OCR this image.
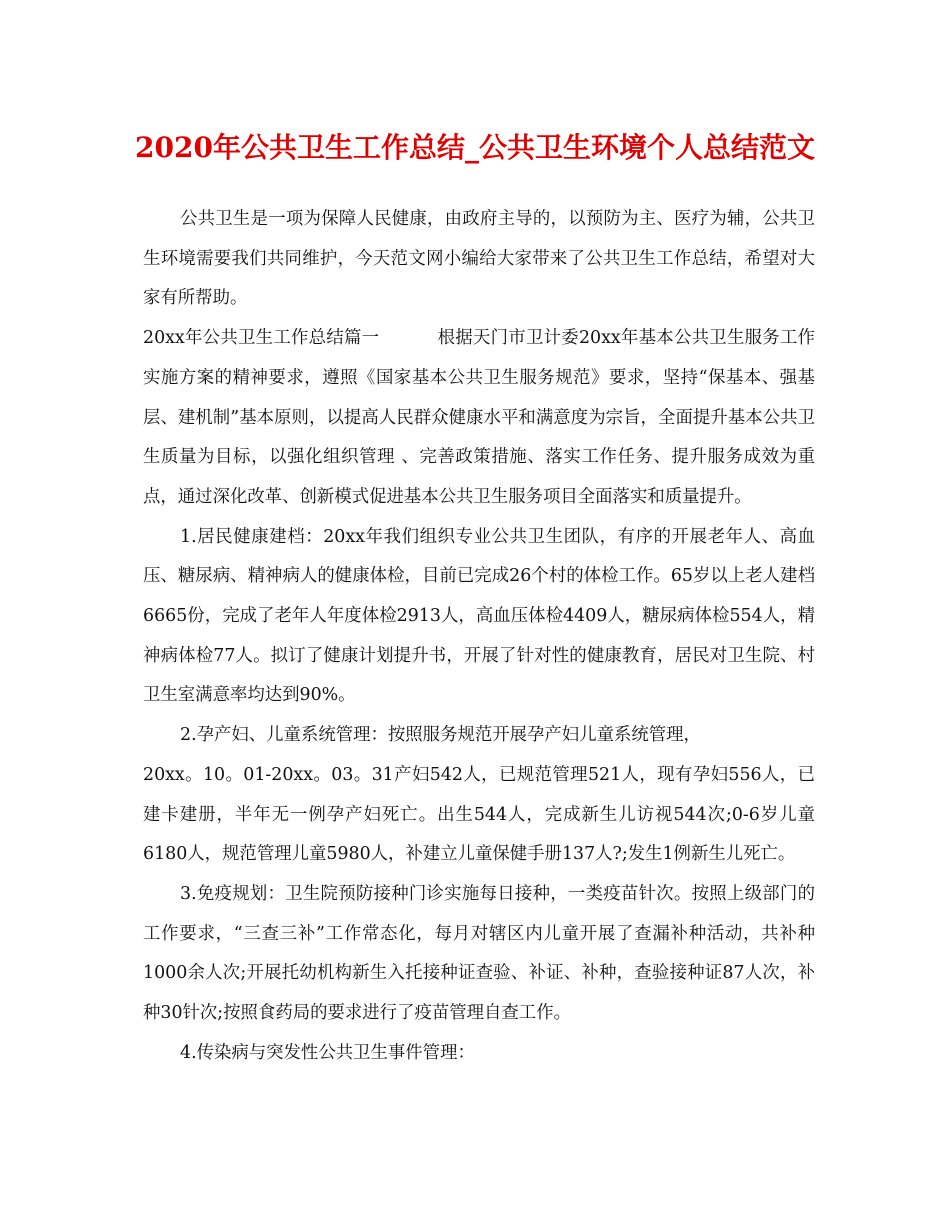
2020年公共卫生工作总结_公共卫生环境个人总结范文

公共卫生是一项为保障人民健康，由政府主导的，以预防为主、医疗为辅，公共卫生环境需要我们共同维护，今天范文网小编给大家带来了公共卫生工作总结，希望对大家有所帮助。

20xx年公共卫生工作总结篇一	根据天门市卫计委20xx年基本公共卫生服务工作实施方案的精神要求，遵照《国家基本公共卫生服务规范》要求，坚持“保基本、强基层、建机制”基本原则，以提高人民群众健康水平和满意度为宗旨，全面提升基本公共卫生质量为目标，以强化组织管理 、完善政策措施、落实工作任务、提升服务成效为重点，通过深化改革、创新模式促进基本公共卫生服务项目全面落实和质量提升。

1.居民健康建档：20xx年我们组织专业公共卫生团队，有序的开展老年人、高血压、糖尿病、精神病人的健康体检，目前已完成26个村的体检工作。65岁以上老人建档6665份，完成了老年人年度体检2913人，高血压体检4409人，糖尿病体检554人，精神病体检77人。拟订了健康计划提升书，开展了针对性的健康教育，居民对卫生院、村卫生室满意率均达到90%。

2.孕产妇、儿童系统管理：按照服务规范开展孕产妇儿童系统管理，

20xx。10。01-20xx。03。31产妇542人，已规范管理521人，现有孕妇556人，已建卡建册，半年无一例孕产妇死亡。出生544人，完成新生儿访视544次;0-6岁儿童6180人，规范管理儿童5980人，补建立儿童保健手册137人?;发生1例新生儿死亡。

3.免疫规划：卫生院预防接种门诊实施每日接种，一类疫苗针次。按照上级部门的工作要求，“三查三补”工作常态化，每月对辖区内儿童开展了查漏补种活动，共补种1000余人次;开展托幼机构新生入托接种证查验、补证、补种，查验接种证87人次，补种30针次;按照食药局的要求进行了疫苗管理自查工作。

4.传染病与突发性公共卫生事件管理：
